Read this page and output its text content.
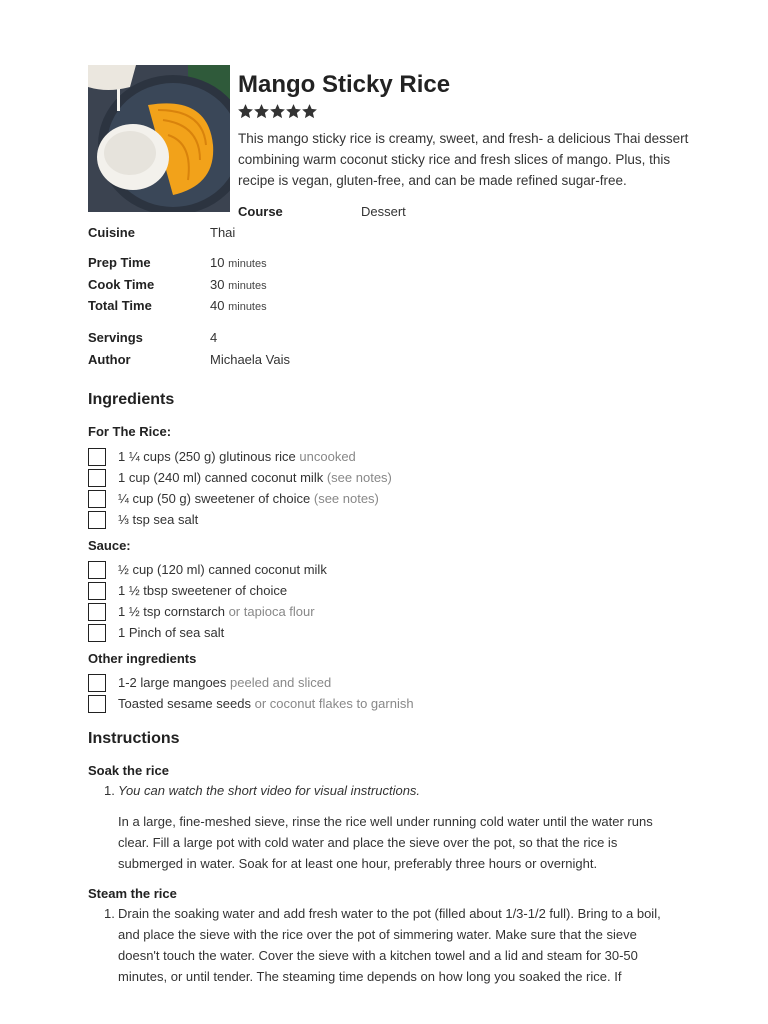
Mango Sticky Rice
This mango sticky rice is creamy, sweet, and fresh- a delicious Thai dessert combining warm coconut sticky rice and fresh slices of mango. Plus, this recipe is vegan, gluten-free, and can be made refined sugar-free.
Course	Dessert
Cuisine	Thai
Prep Time	10 minutes
Cook Time	30 minutes
Total Time	40 minutes
Servings	4
Author	Michaela Vais
Ingredients
For The Rice:
1 ¼ cups (250 g) glutinous rice uncooked
1 cup (240 ml) canned coconut milk (see notes)
¼ cup (50 g) sweetener of choice (see notes)
⅓ tsp sea salt
Sauce:
½ cup (120 ml) canned coconut milk
1 ½ tbsp sweetener of choice
1 ½ tsp cornstarch or tapioca flour
1 Pinch of sea salt
Other ingredients
1-2 large mangoes peeled and sliced
Toasted sesame seeds or coconut flakes to garnish
Instructions
Soak the rice
1. You can watch the short video for visual instructions.
In a large, fine-meshed sieve, rinse the rice well under running cold water until the water runs clear. Fill a large pot with cold water and place the sieve over the pot, so that the rice is submerged in water. Soak for at least one hour, preferably three hours or overnight.
Steam the rice
1. Drain the soaking water and add fresh water to the pot (filled about 1/3-1/2 full). Bring to a boil, and place the sieve with the rice over the pot of simmering water. Make sure that the sieve doesn't touch the water. Cover the sieve with a kitchen towel and a lid and steam for 30-50 minutes, or until tender. The steaming time depends on how long you soaked the rice. If
